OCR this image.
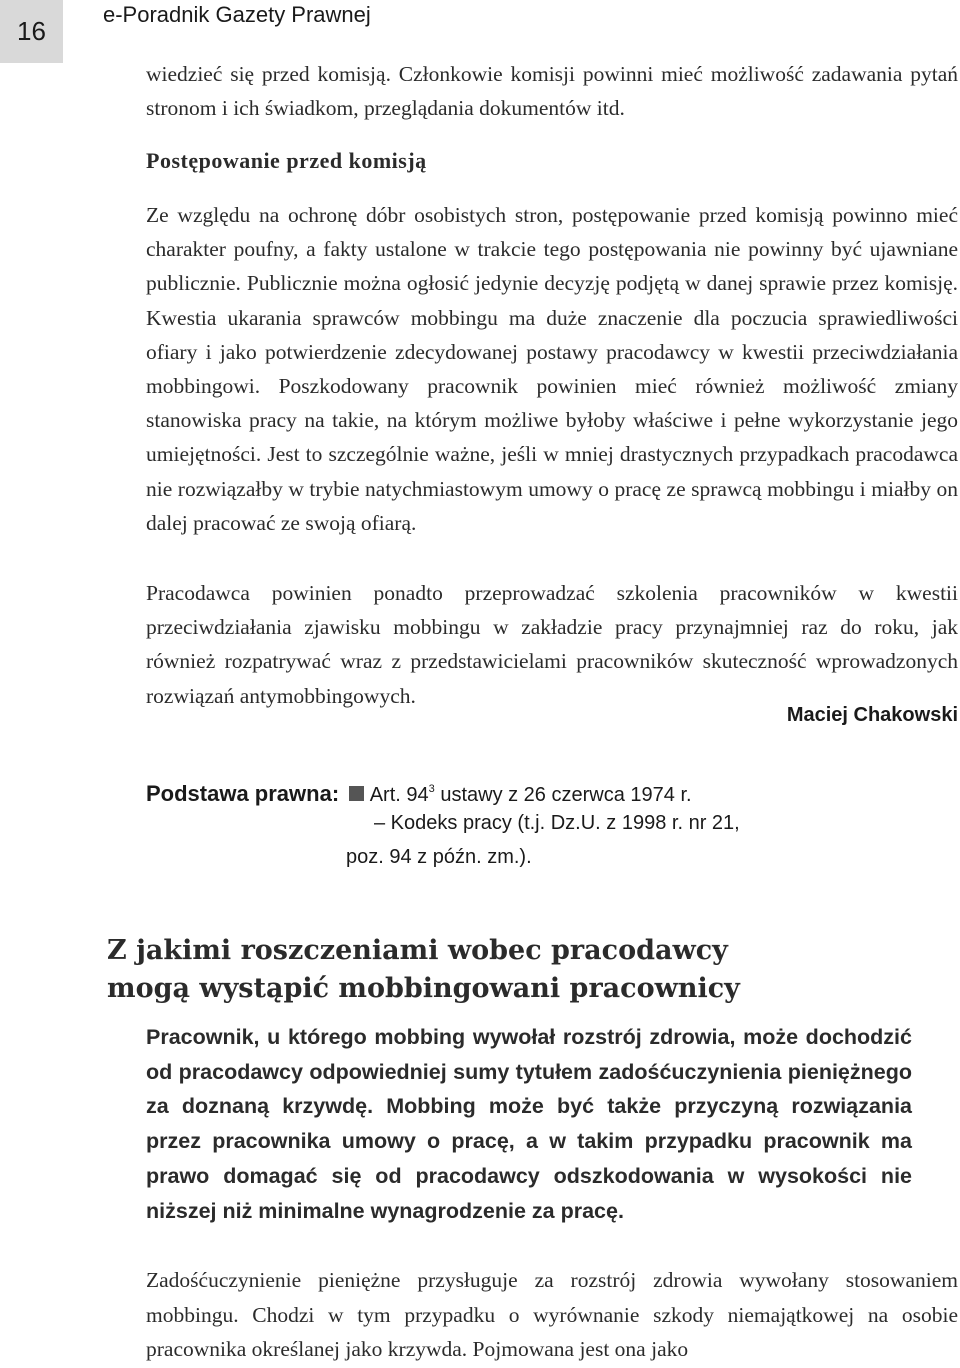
16
e-Poradnik Gazety Prawnej

wiedzieć się przed komisją. Członkowie komisji powinni mieć możliwość zadawania pytań stronom i ich świadkom, przeglądania dokumentów itd.

Postępowanie przed komisją

Ze względu na ochronę dóbr osobistych stron, postępowanie przed komisją powinno mieć charakter poufny, a fakty ustalone w trakcie tego postępowania nie powinny być ujawniane publicznie. Publicznie można ogłosić jedynie decyzję podjętą w danej sprawie przez komisję. Kwestia ukarania sprawców mobbingu ma duże znaczenie dla poczucia sprawiedliwości ofiary i jako potwierdzenie zdecydowanej postawy pracodawcy w kwestii przeciwdziałania mobbingowi. Poszkodowany pracownik powinien mieć również możliwość zmiany stanowiska pracy na takie, na którym możliwe byłoby właściwe i pełne wykorzystanie jego umiejętności. Jest to szczególnie ważne, jeśli w mniej drastycznych przypadkach pracodawca nie rozwiązałby w trybie natychmiastowym umowy o pracę ze sprawcą mobbingu i miałby on dalej pracować ze swoją ofiarą.

Pracodawca powinien ponadto przeprowadzać szkolenia pracowników w kwestii przeciwdziałania zjawisku mobbingu w zakładzie pracy przynajmniej raz do roku, jak również rozpatrywać wraz z przedstawicielami pracowników skuteczność wprowadzonych rozwiązań antymobbingowych.

Maciej Chakowski
Podstawa prawna: Art. $94^3$ ustawy z 26 czerwca 1974 r.
– Kodeks pracy (t.j. Dz.U. z 1998 r. nr 21,
poz. 94 z późn. zm.).
Z jakimi roszczeniami wobec pracodawcy
mogą wystąpić mobbingowani pracownicy

Pracownik, u którego mobbing wywołał rozstrój zdrowia, może dochodzić od pracodawcy odpowiedniej sumy tytułem zadośćuczynienia pieniężnego za doznaną krzywdę. Mobbing może być także przyczyną rozwiązania przez pracownika umowy o pracę, a w takim przypadku pracownik ma prawo domagać się od pracodawcy odszkodowania w wysokości nie niższej niż minimalne wynagrodzenie za pracę.

Zadośćuczynienie pieniężne przysługuje za rozstrój zdrowia wywołany stosowaniem mobbingu. Chodzi w tym przypadku o wyrównanie szkody niemajątkowej na osobie pracownika określanej jako krzywda. Pojmowana jest ona jako
